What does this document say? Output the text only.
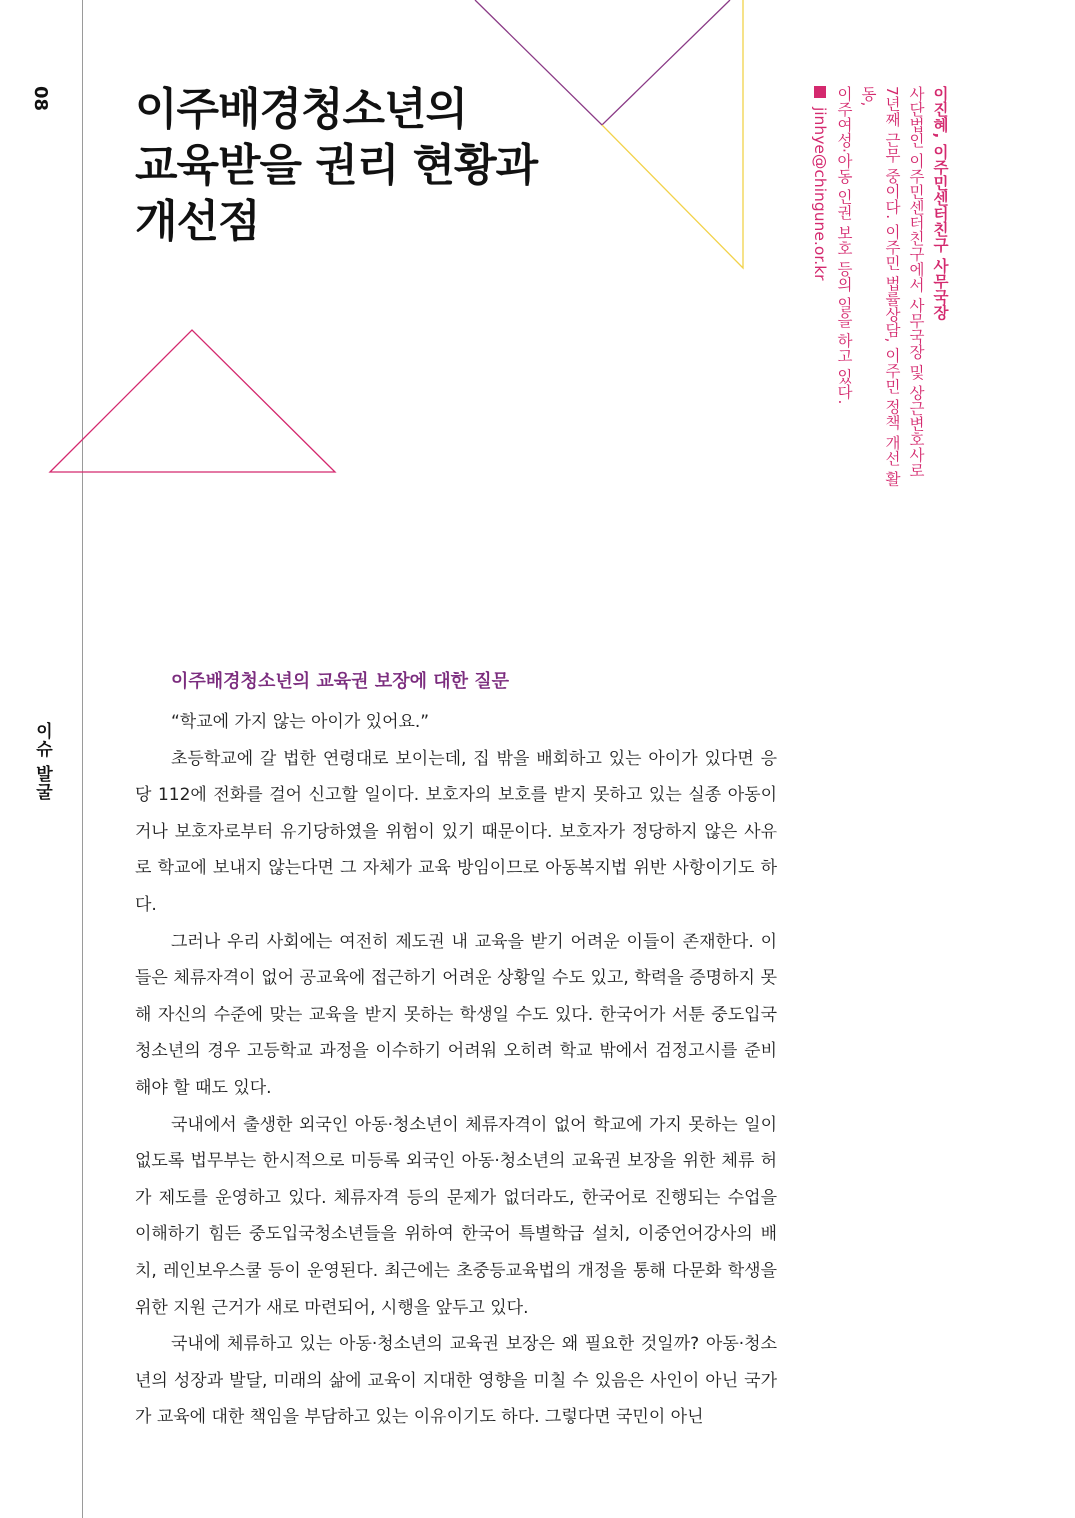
08
이슈 발굴
이주배경청소년의
교육받을 권리 현황과
개선점	이진혜, 이주민센터친구 사무국장
사단법인 이주민센터친구에서 사무국장 및 상근변호사로
7년째 근무 중이다. 이주민 법률상담, 이주민 정책 개선 활동,
이주여성·아동 인권 보호 등의 일을 하고 있다.
jinhye@chingune.or.kr

이주배경청소년의 교육권 보장에 대한 질문

“학교에 가지 않는 아이가 있어요.”

초등학교에 갈 법한 연령대로 보이는데, 집 밖을 배회하고 있는 아이가 있다면 응당 112에 전화를 걸어 신고할 일이다. 보호자의 보호를 받지 못하고 있는 실종 아동이거나 보호자로부터 유기당하였을 위험이 있기 때문이다. 보호자가 정당하지 않은 사유로 학교에 보내지 않는다면 그 자체가 교육 방임이므로 아동복지법 위반 사항이기도 하다.

그러나 우리 사회에는 여전히 제도권 내 교육을 받기 어려운 이들이 존재한다. 이들은 체류자격이 없어 공교육에 접근하기 어려운 상황일 수도 있고, 학력을 증명하지 못해 자신의 수준에 맞는 교육을 받지 못하는 학생일 수도 있다. 한국어가 서툰 중도입국청소년의 경우 고등학교 과정을 이수하기 어려워 오히려 학교 밖에서 검정고시를 준비해야 할 때도 있다.

국내에서 출생한 외국인 아동·청소년이 체류자격이 없어 학교에 가지 못하는 일이 없도록 법무부는 한시적으로 미등록 외국인 아동·청소년의 교육권 보장을 위한 체류 허가 제도를 운영하고 있다. 체류자격 등의 문제가 없더라도, 한국어로 진행되는 수업을 이해하기 힘든 중도입국청소년들을 위하여 한국어 특별학급 설치, 이중언어강사의 배치, 레인보우스쿨 등이 운영된다. 최근에는 초중등교육법의 개정을 통해 다문화 학생을 위한 지원 근거가 새로 마련되어, 시행을 앞두고 있다.

국내에 체류하고 있는 아동·청소년의 교육권 보장은 왜 필요한 것일까? 아동·청소년의 성장과 발달, 미래의 삶에 교육이 지대한 영향을 미칠 수 있음은 사인이 아닌 국가가 교육에 대한 책임을 부담하고 있는 이유이기도 하다. 그렇다면 국민이 아닌
